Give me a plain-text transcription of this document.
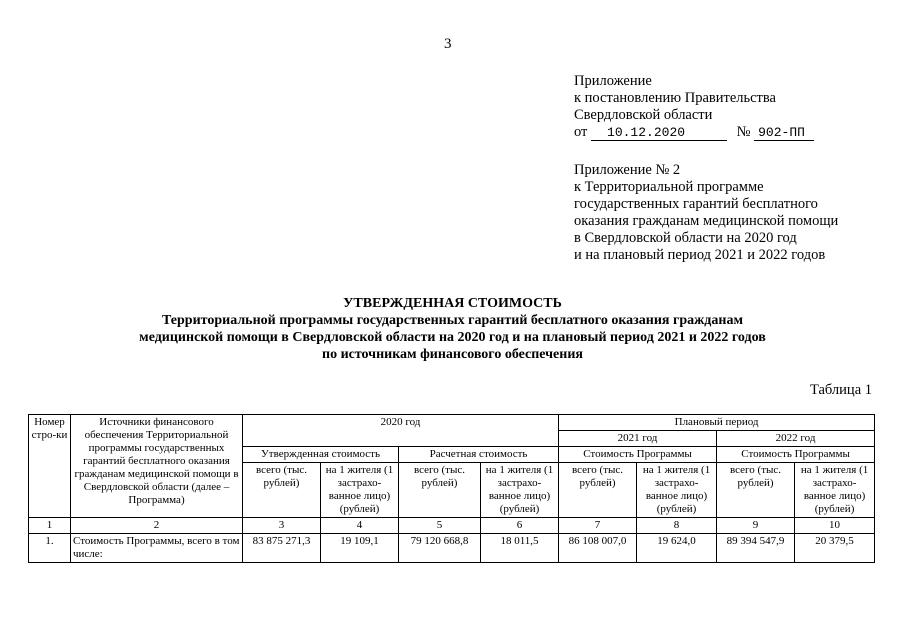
3
Приложение
к постановлению Правительства
Свердловской области
от 10.12.2020	№ 902-ПП
Приложение № 2
к Территориальной программе
государственных гарантий бесплатного
оказания гражданам медицинской помощи
в Свердловской области на 2020 год
и на плановый период 2021 и 2022 годов
УТВЕРЖДЕННАЯ СТОИМОСТЬ
Территориальной программы государственных гарантий бесплатного оказания гражданам
медицинской помощи в Свердловской области на 2020 год и на плановый период 2021 и 2022 годов
по источникам финансового обеспечения
Таблица 1
Номер стро-ки	Источники финансового обеспечения Территориальной программы государственных гарантий бесплатного оказания гражданам медицинской помощи в Свердловской области (далее – Программа)	2020 год				Плановый период			
						2021 год		2022 год	
		Утвержденная стоимость		Расчетная стоимость		Стоимость Программы		Стоимость Программы	
		всего (тыс. рублей)	на 1 жителя (1 застрахо-ванное лицо) (рублей)	всего (тыс. рублей)	на 1 жителя (1 застрахо-ванное лицо) (рублей)	всего (тыс. рублей)	на 1 жителя (1 застрахо-ванное лицо) (рублей)	всего (тыс. рублей)	на 1 жителя (1 застрахо-ванное лицо) (рублей)
1	2	3	4	5	6	7	8	9	10
1.	Стоимость Программы, всего в том числе:	83 875 271,3	19 109,1	79 120 668,8	18 011,5	86 108 007,0	19 624,0	89 394 547,9	20 379,5
